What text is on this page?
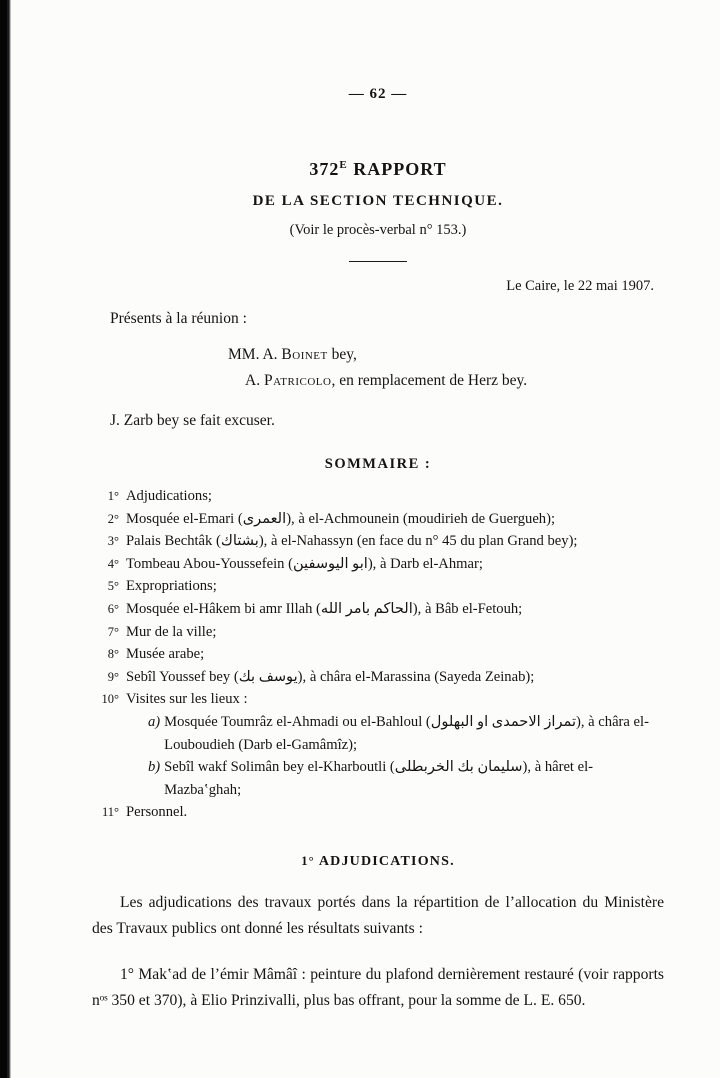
— 62 —
$372^E$ RAPPORT
DE LA SECTION TECHNIQUE.
(Voir le procès-verbal n° 153.)
Le Caire, le 22 mai 1907.
Présents à la réunion :
MM. A. Boinet bey,
A. Patricolo, en remplacement de Herz bey.
J. Zarb bey se fait excuser.
SOMMAIRE :
1° Adjudications;
2° Mosquée el-Emari (العمرى), à el-Achmounein (moudirieh de Guergueh);
3° Palais Bechtâk (بشتاك), à el-Nahassyn (en face du n° 45 du plan Grand bey);
4° Tombeau Abou-Youssefein (ابو اليوسفين), à Darb el-Ahmar;
5° Expropriations;
6° Mosquée el-Hâkem bi amr Illah (الحاكم بامر الله), à Bâb el-Fetouh;
7° Mur de la ville;
8° Musée arabe;
9° Sebîl Youssef bey (يوسف بك), à châra el-Marassina (Sayeda Zeinab);
10° Visites sur les lieux :
a) Mosquée Toumrâz el-Ahmadi ou el-Bahloul (تمراز الاحمدى او البهلول), à châra el-Louboudieh (Darb el-Gamâmîz);
b) Sebîl wakf Solimân bey el-Kharboutli (سليمان بك الخربطلى), à hâret el-Mazbaʽghah;
11° Personnel.
1° ADJUDICATIONS.

Les adjudications des travaux portés dans la répartition de l’allocation du Ministère des Travaux publics ont donné les résultats suivants :

1° Makʽad de l’émir Mâmâî : peinture du plafond dernièrement restauré (voir rapports nᵒˢ 350 et 370), à Elio Prinzivalli, plus bas offrant, pour la somme de L. E. 650.
